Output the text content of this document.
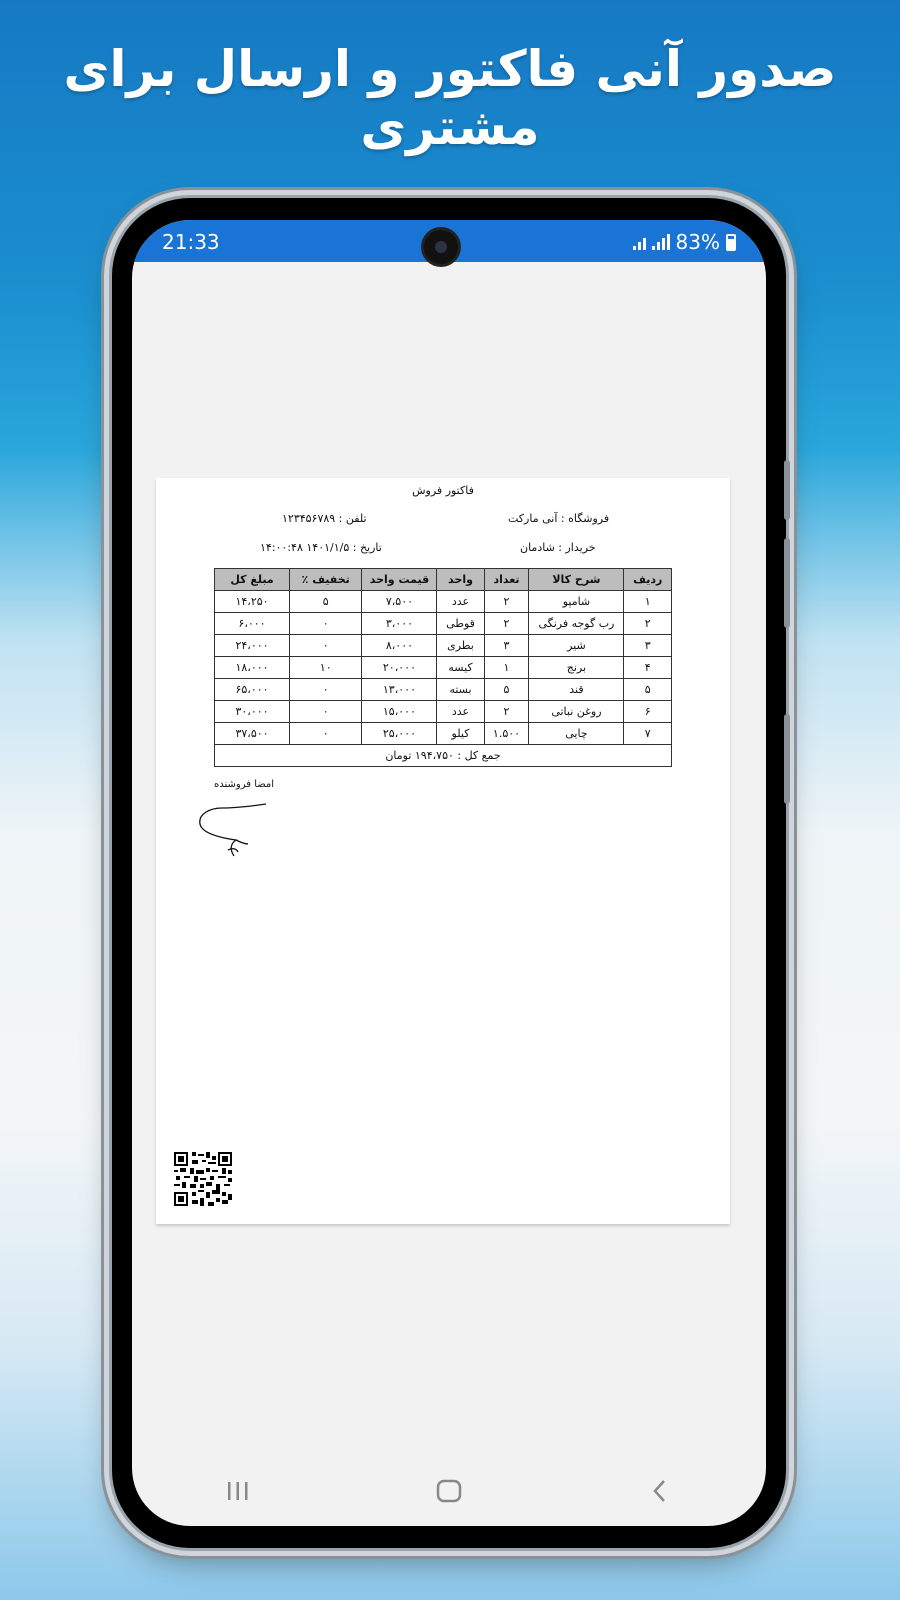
صدور آنی فاکتور و ارسال برای مشتری
21:33	83%
فاکتور فروش
فروشگاه : آنی مارکت
تلفن : ۱۲۳۴۵۶۷۸۹
خریدار : شادمان
تاریخ : ۱۴۰۱/۱/۵ ۱۴:۰۰:۴۸
ردیف	شرح کالا	تعداد	واحد	قیمت واحد	تخفیف ٪	مبلغ کل
۱	شامپو	۲	عدد	۷،۵۰۰	۵	۱۴،۲۵۰
۲	رب گوجه فرنگی	۲	قوطی	۳،۰۰۰	۰	۶،۰۰۰
۳	شیر	۳	بطری	۸،۰۰۰	۰	۲۴،۰۰۰
۴	برنج	۱	کیسه	۲۰،۰۰۰	۱۰	۱۸،۰۰۰
۵	قند	۵	بسته	۱۳،۰۰۰	۰	۶۵،۰۰۰
۶	روغن نباتی	۲	عدد	۱۵،۰۰۰	۰	۳۰،۰۰۰
۷	چایی	۱.۵۰۰	کیلو	۲۵،۰۰۰	۰	۳۷،۵۰۰
جمع کل : ۱۹۴،۷۵۰ تومان						
امضا فروشنده
